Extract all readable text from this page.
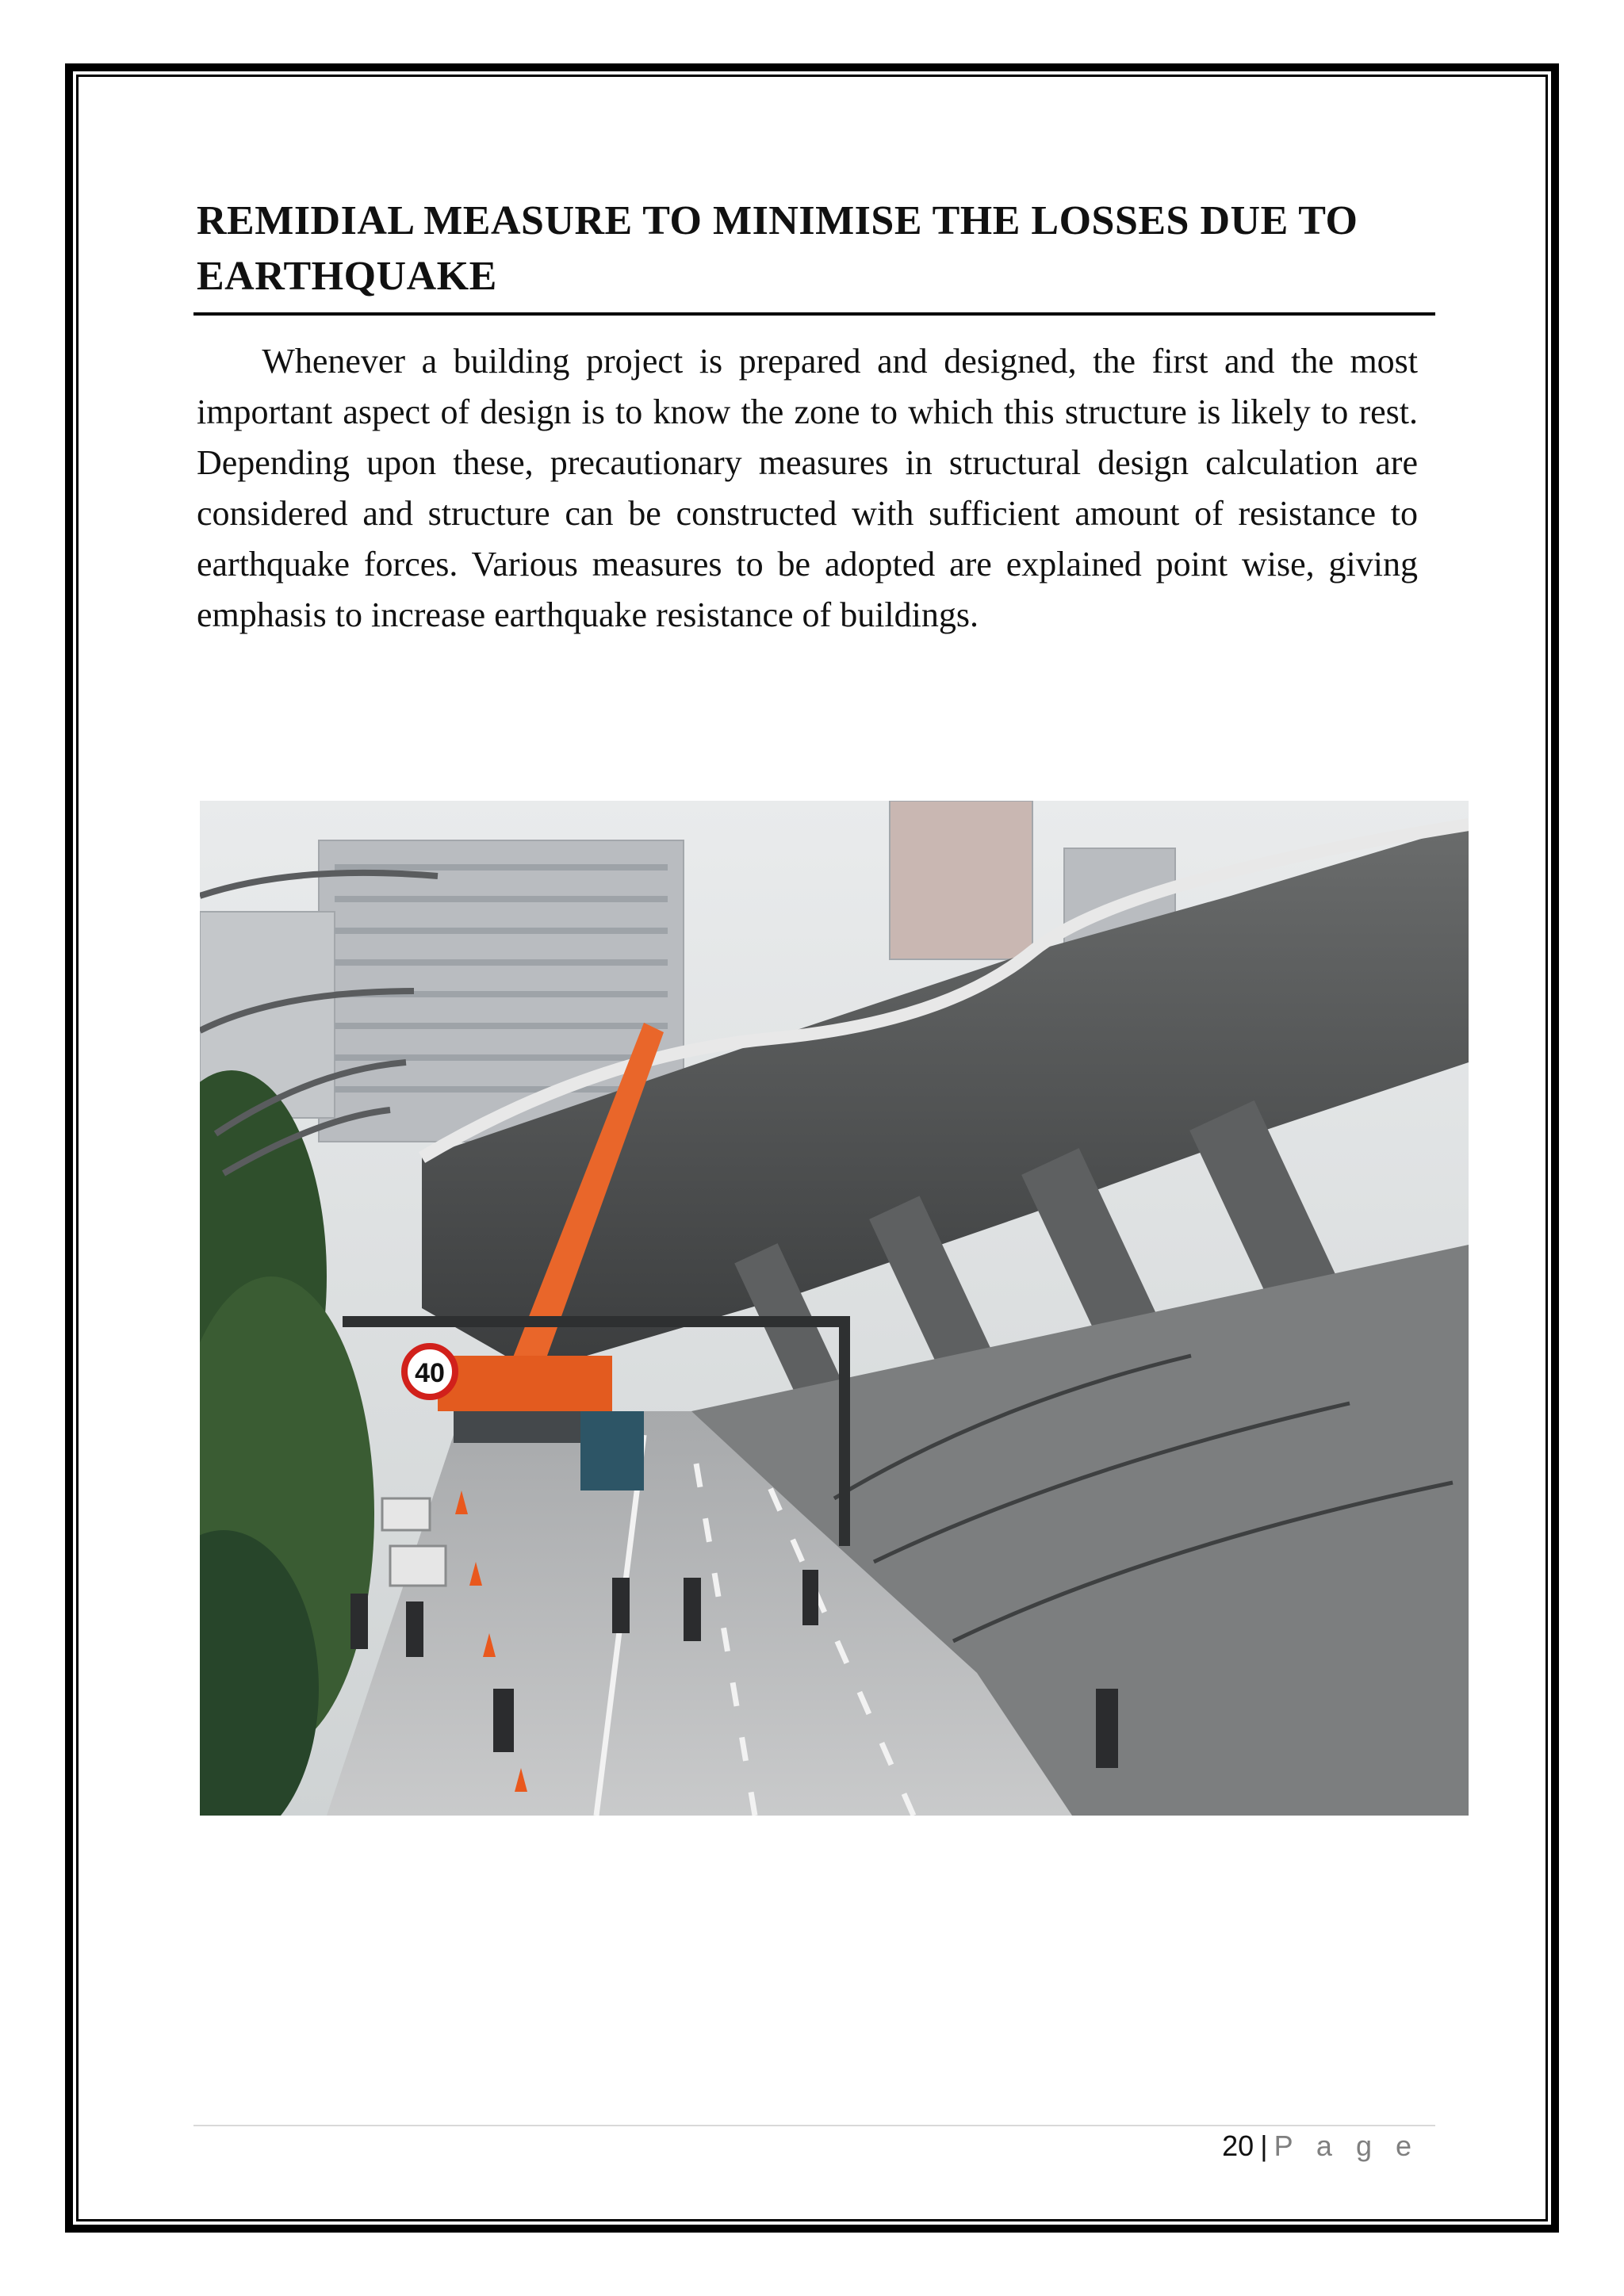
REMIDIAL MEASURE TO MINIMISE THE LOSSES DUE TO EARTHQUAKE

Whenever a building project is prepared and designed, the first and the most important aspect of design is to know the zone to which this structure is likely to rest. Depending upon these, precautionary measures in structural design calculation are considered and structure can be constructed with sufficient amount of resistance to earthquake forces. Various measures to be adopted are explained point wise, giving emphasis to increase earthquake resistance of buildings.

40
20 | P a g e
